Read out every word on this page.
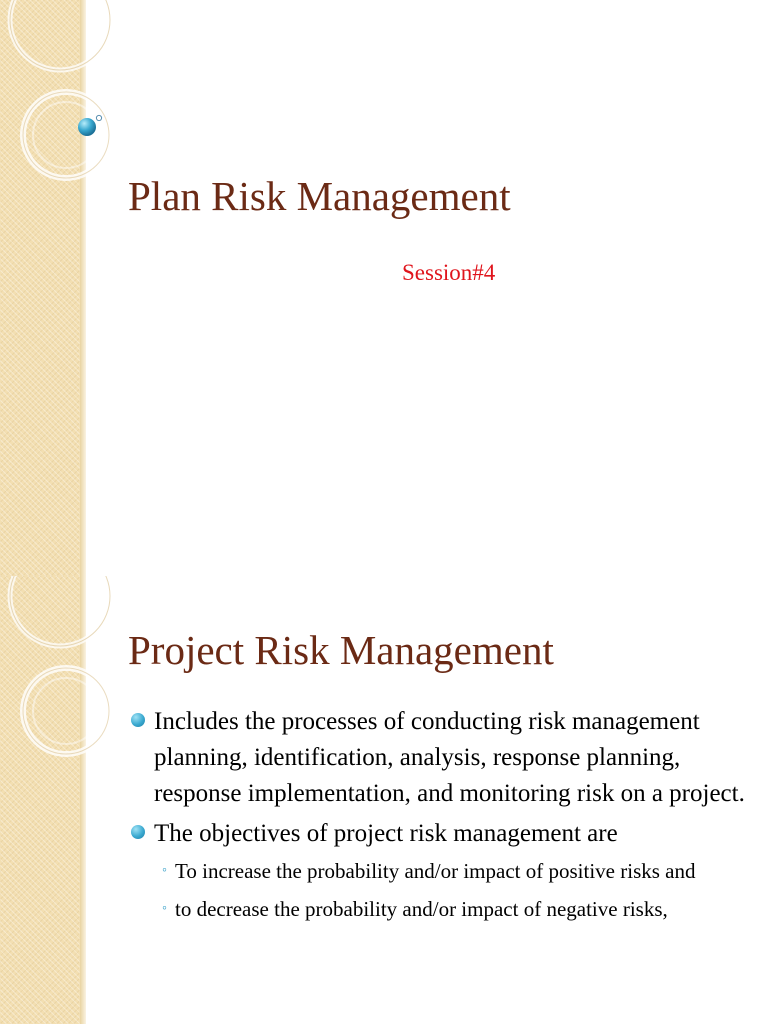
Plan Risk Management
Session#4
Project Risk Management
Includes the processes of conducting risk management planning, identification, analysis, response planning, response implementation, and monitoring risk on a project.
The objectives of project risk management are
◦ To increase the probability and/or impact of positive risks and
◦ to decrease the probability and/or impact of negative risks,
